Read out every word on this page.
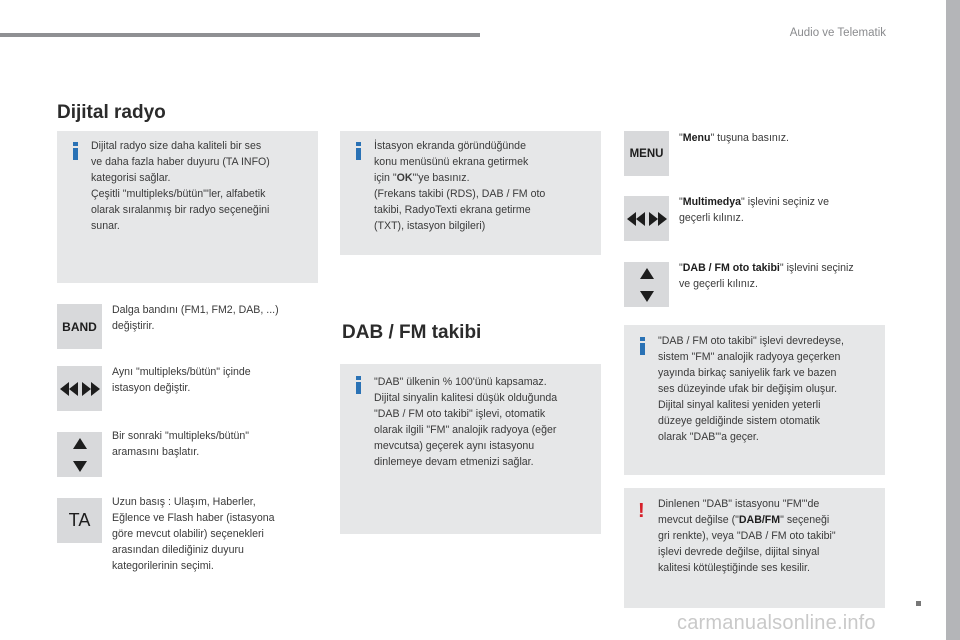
Audio ve Telematik
Dijital radyo

Dijital radyo size daha kaliteli bir ses

ve daha fazla haber duyuru (TA INFO)

kategorisi sağlar.

Çeşitli "multipleks/bütün"'ler, alfabetik

olarak sıralanmış bir radyo seçeneğini

sunar.

İstasyon ekranda göründüğünde

konu menüsünü ekrana getirmek

için "OK"'ye basınız.

(Frekans takibi (RDS), DAB / FM oto

takibi, RadyoTexti ekrana getirme

(TXT), istasyon bilgileri)

BAND

Dalga bandını (FM1, FM2, DAB, ...)

değiştirir.

Aynı "multipleks/bütün" içinde

istasyon değiştir.

Bir sonraki "multipleks/bütün"

aramasını başlatır.

TA

Uzun basış : Ulaşım, Haberler,

Eğlence ve Flash haber (istasyona

göre mevcut olabilir) seçenekleri

arasından dilediğiniz duyuru

kategorilerinin seçimi.

DAB / FM takibi

"DAB" ülkenin % 100'ünü kapsamaz.

Dijital sinyalin kalitesi düşük olduğunda

"DAB / FM oto takibi" işlevi, otomatik

olarak ilgili "FM" analojik radyoya (eğer

mevcutsa) geçerek aynı istasyonu

dinlemeye devam etmenizi sağlar.

MENU

"Menu" tuşuna basınız.

"Multimedya" işlevini seçiniz ve

geçerli kılınız.

"DAB / FM oto takibi" işlevini seçiniz

ve geçerli kılınız.

"DAB / FM oto takibi" işlevi devredeyse,

sistem "FM" analojik radyoya geçerken

yayında birkaç saniyelik fark ve bazen

ses düzeyinde ufak bir değişim oluşur.

Dijital sinyal kalitesi yeniden yeterli

düzeye geldiğinde sistem otomatik

olarak "DAB"'a geçer.

! Dinlenen "DAB" istasyonu "FM"'de

mevcut değilse ("DAB/FM" seçeneği

gri renkte), veya "DAB / FM oto takibi"

işlevi devrede değilse, dijital sinyal

kalitesi kötüleştiğinde ses kesilir.

carmanualsonline.info
